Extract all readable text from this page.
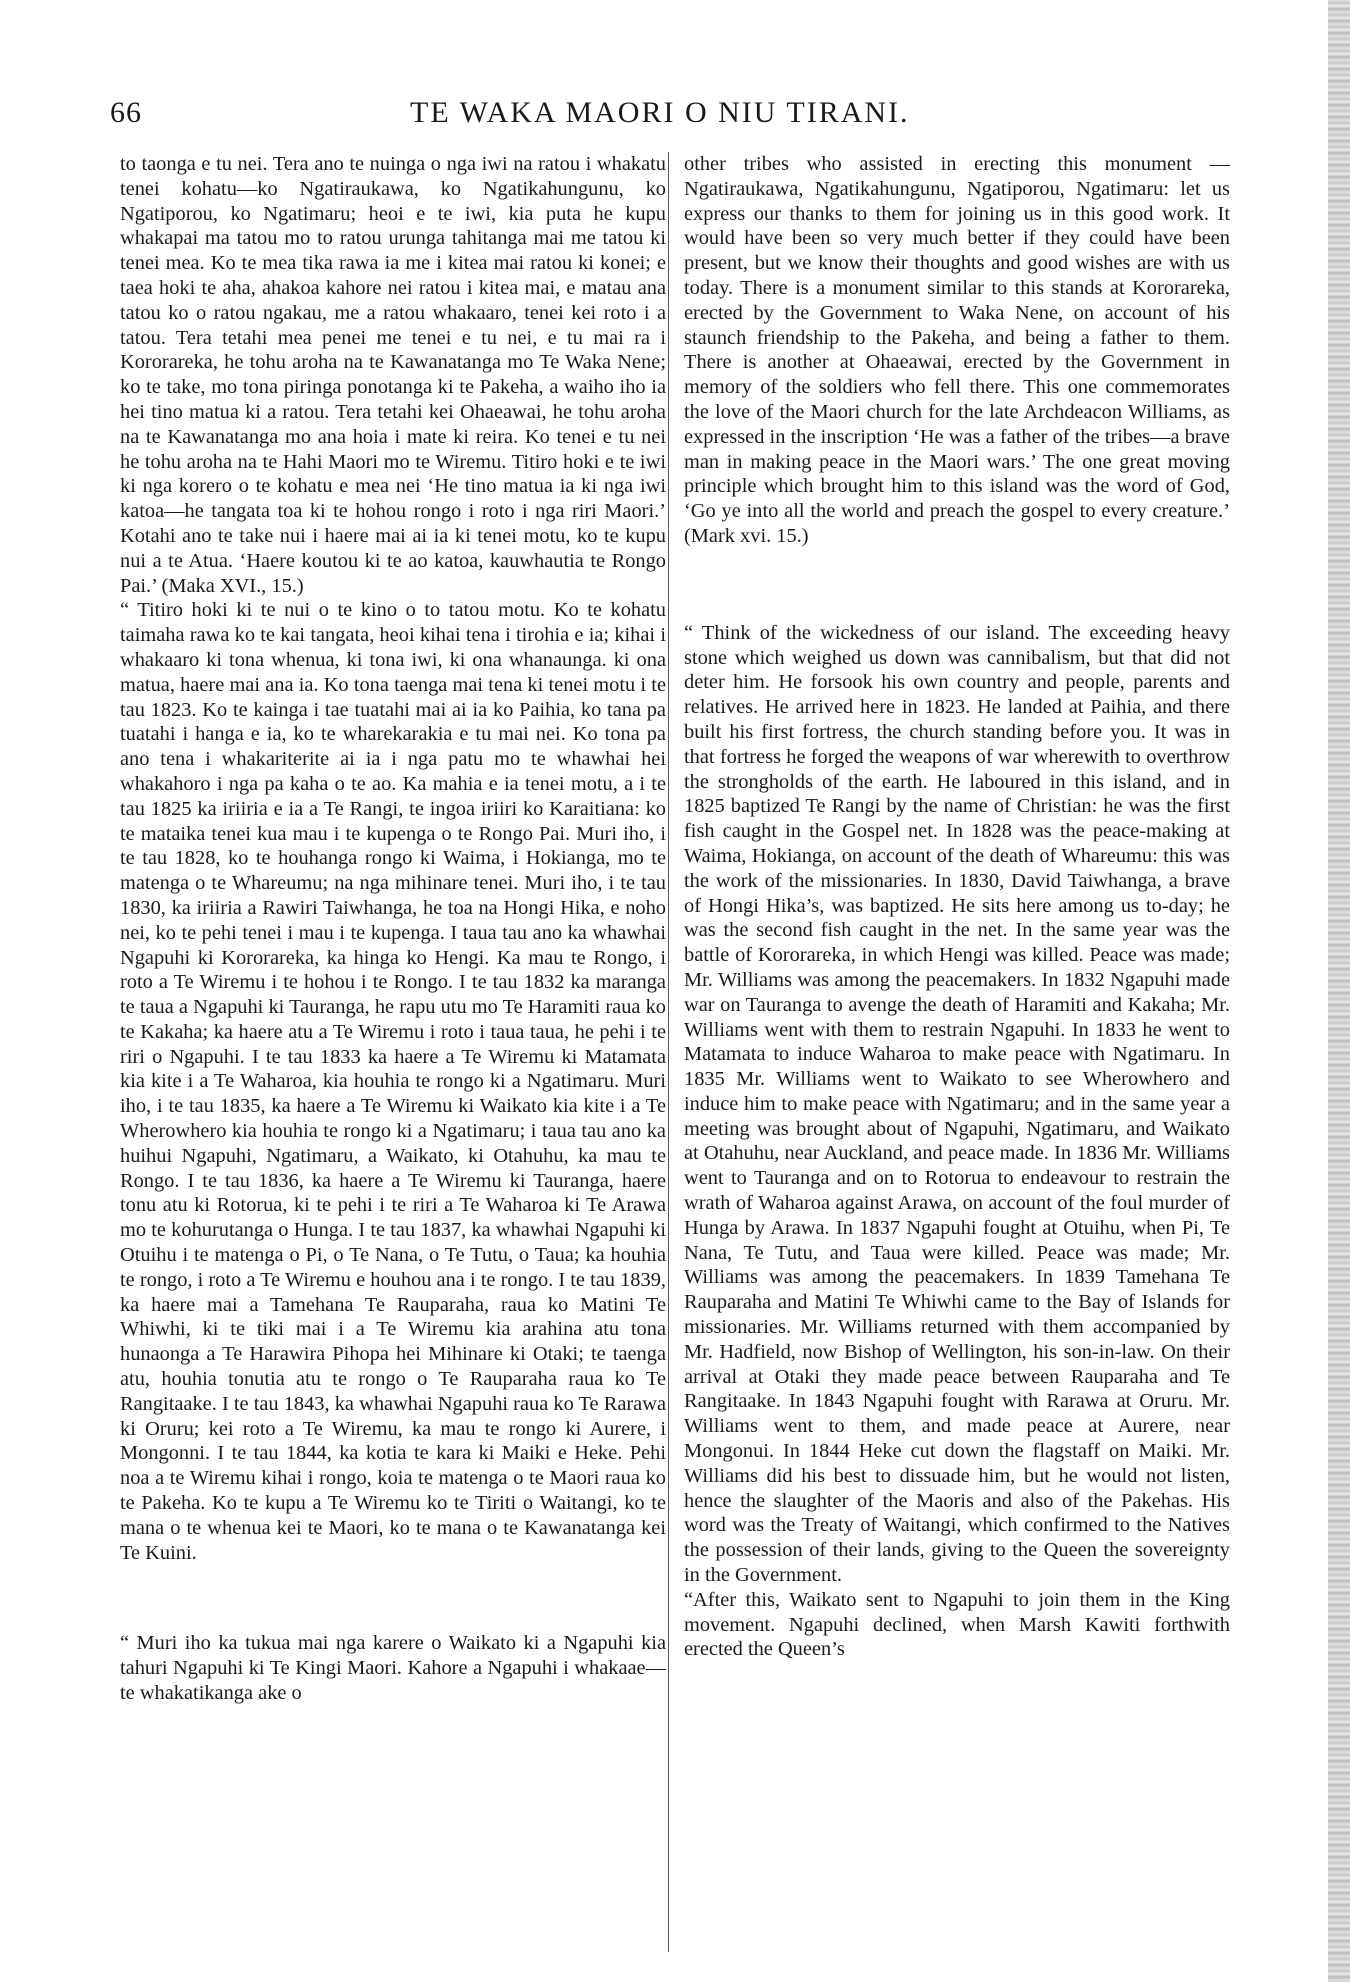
66	TE WAKA MAORI O NIU TIRANI.

to taonga e tu nei. Tera ano te nuinga o nga iwi na ratou i whakatu tenei kohatu—ko Ngatiraukawa, ko Ngatikahungunu, ko Ngatiporou, ko Ngatimaru; heoi e te iwi, kia puta he kupu whakapai ma tatou mo to ratou urunga tahitanga mai me tatou ki tenei mea. Ko te mea tika rawa ia me i kitea mai ratou ki konei; e taea hoki te aha, ahakoa kahore nei ratou i kitea mai, e matau ana tatou ko o ratou ngakau, me a ratou whakaaro, tenei kei roto i a tatou. Tera tetahi mea penei me tenei e tu nei, e tu mai ra i Kororareka, he tohu aroha na te Kawanatanga mo Te Waka Nene; ko te take, mo tona piringa ponotanga ki te Pakeha, a waiho iho ia hei tino matua ki a ratou. Tera tetahi kei Ohaeawai, he tohu aroha na te Kawanatanga mo ana hoia i mate ki reira. Ko tenei e tu nei he tohu aroha na te Hahi Maori mo te Wiremu. Titiro hoki e te iwi ki nga korero o te kohatu e mea nei ‘He tino matua ia ki nga iwi katoa—he tangata toa ki te hohou rongo i roto i nga riri Maori.’ Kotahi ano te take nui i haere mai ai ia ki tenei motu, ko te kupu nui a te Atua. ‘Haere koutou ki te ao katoa, kauwhautia te Rongo Pai.’ (Maka XVI., 15.)

“ Titiro hoki ki te nui o te kino o to tatou motu. Ko te kohatu taimaha rawa ko te kai tangata, heoi kihai tena i tirohia e ia; kihai i whakaaro ki tona whenua, ki tona iwi, ki ona whanaunga. ki ona matua, haere mai ana ia. Ko tona taenga mai tena ki tenei motu i te tau 1823. Ko te kainga i tae tuatahi mai ai ia ko Paihia, ko tana pa tuatahi i hanga e ia, ko te wharekarakia e tu mai nei. Ko tona pa ano tena i whakariterite ai ia i nga patu mo te whawhai hei whakahoro i nga pa kaha o te ao. Ka mahia e ia tenei motu, a i te tau 1825 ka iriiria e ia a Te Rangi, te ingoa iriiri ko Karaitiana: ko te mataika tenei kua mau i te kupenga o te Rongo Pai. Muri iho, i te tau 1828, ko te houhanga rongo ki Waima, i Hokianga, mo te matenga o te Whareumu; na nga mihinare tenei. Muri iho, i te tau 1830, ka iriiria a Rawiri Taiwhanga, he toa na Hongi Hika, e noho nei, ko te pehi tenei i mau i te kupenga. I taua tau ano ka whawhai Ngapuhi ki Kororareka, ka hinga ko Hengi. Ka mau te Rongo, i roto a Te Wiremu i te hohou i te Rongo. I te tau 1832 ka maranga te taua a Ngapuhi ki Tauranga, he rapu utu mo Te Haramiti raua ko te Kakaha; ka haere atu a Te Wiremu i roto i taua taua, he pehi i te riri o Ngapuhi. I te tau 1833 ka haere a Te Wiremu ki Matamata kia kite i a Te Waharoa, kia houhia te rongo ki a Ngatimaru. Muri iho, i te tau 1835, ka haere a Te Wiremu ki Waikato kia kite i a Te Wherowhero kia houhia te rongo ki a Ngatimaru; i taua tau ano ka huihui Ngapuhi, Ngatimaru, a Waikato, ki Otahuhu, ka mau te Rongo. I te tau 1836, ka haere a Te Wiremu ki Tauranga, haere tonu atu ki Rotorua, ki te pehi i te riri a Te Waharoa ki Te Arawa mo te kohurutanga o Hunga. I te tau 1837, ka whawhai Ngapuhi ki Otuihu i te matenga o Pi, o Te Nana, o Te Tutu, o Taua; ka houhia te rongo, i roto a Te Wiremu e houhou ana i te rongo. I te tau 1839, ka haere mai a Tamehana Te Rauparaha, raua ko Matini Te Whiwhi, ki te tiki mai i a Te Wiremu kia arahina atu tona hunaonga a Te Harawira Pihopa hei Mihinare ki Otaki; te taenga atu, houhia tonutia atu te rongo o Te Rauparaha raua ko Te Rangitaake. I te tau 1843, ka whawhai Ngapuhi raua ko Te Rarawa ki Oruru; kei roto a Te Wiremu, ka mau te rongo ki Aurere, i Mongonni. I te tau 1844, ka kotia te kara ki Maiki e Heke. Pehi noa a te Wiremu kihai i rongo, koia te matenga o te Maori raua ko te Pakeha. Ko te kupu a Te Wiremu ko te Tiriti o Waitangi, ko te mana o te whenua kei te Maori, ko te mana o te Kawanatanga kei Te Kuini.

“ Muri iho ka tukua mai nga karere o Waikato ki a Ngapuhi kia tahuri Ngapuhi ki Te Kingi Maori. Kahore a Ngapuhi i whakaae—te whakatikanga ake o

other tribes who assisted in erecting this monument —Ngatiraukawa, Ngatikahungunu, Ngatiporou, Ngatimaru: let us express our thanks to them for joining us in this good work. It would have been so very much better if they could have been present, but we know their thoughts and good wishes are with us today. There is a monument similar to this stands at Kororareka, erected by the Government to Waka Nene, on account of his staunch friendship to the Pakeha, and being a father to them. There is another at Ohaeawai, erected by the Government in memory of the soldiers who fell there. This one commemorates the love of the Maori church for the late Archdeacon Williams, as expressed in the inscription ‘He was a father of the tribes—a brave man in making peace in the Maori wars.’ The one great moving principle which brought him to this island was the word of God, ‘Go ye into all the world and preach the gospel to every creature.’ (Mark xvi. 15.)

“ Think of the wickedness of our island. The exceeding heavy stone which weighed us down was cannibalism, but that did not deter him. He forsook his own country and people, parents and relatives. He arrived here in 1823. He landed at Paihia, and there built his first fortress, the church standing before you. It was in that fortress he forged the weapons of war wherewith to overthrow the strongholds of the earth. He laboured in this island, and in 1825 baptized Te Rangi by the name of Christian: he was the first fish caught in the Gospel net. In 1828 was the peace-making at Waima, Hokianga, on account of the death of Whareumu: this was the work of the missionaries. In 1830, David Taiwhanga, a brave of Hongi Hika’s, was baptized. He sits here among us to-day; he was the second fish caught in the net. In the same year was the battle of Kororareka, in which Hengi was killed. Peace was made; Mr. Williams was among the peacemakers. In 1832 Ngapuhi made war on Tauranga to avenge the death of Haramiti and Kakaha; Mr. Williams went with them to restrain Ngapuhi. In 1833 he went to Matamata to induce Waharoa to make peace with Ngatimaru. In 1835 Mr. Williams went to Waikato to see Wherowhero and induce him to make peace with Ngatimaru; and in the same year a meeting was brought about of Ngapuhi, Ngatimaru, and Waikato at Otahuhu, near Auckland, and peace made. In 1836 Mr. Williams went to Tauranga and on to Rotorua to endeavour to restrain the wrath of Waharoa against Arawa, on account of the foul murder of Hunga by Arawa. In 1837 Ngapuhi fought at Otuihu, when Pi, Te Nana, Te Tutu, and Taua were killed. Peace was made; Mr. Williams was among the peacemakers. In 1839 Tamehana Te Rauparaha and Matini Te Whiwhi came to the Bay of Islands for missionaries. Mr. Williams returned with them accompanied by Mr. Hadfield, now Bishop of Wellington, his son-in-law. On their arrival at Otaki they made peace between Rauparaha and Te Rangitaake. In 1843 Ngapuhi fought with Rarawa at Oruru. Mr. Williams went to them, and made peace at Aurere, near Mongonui. In 1844 Heke cut down the flagstaff on Maiki. Mr. Williams did his best to dissuade him, but he would not listen, hence the slaughter of the Maoris and also of the Pakehas. His word was the Treaty of Waitangi, which confirmed to the Natives the possession of their lands, giving to the Queen the sovereignty in the Government.

“After this, Waikato sent to Ngapuhi to join them in the King movement. Ngapuhi declined, when Marsh Kawiti forthwith erected the Queen’s
